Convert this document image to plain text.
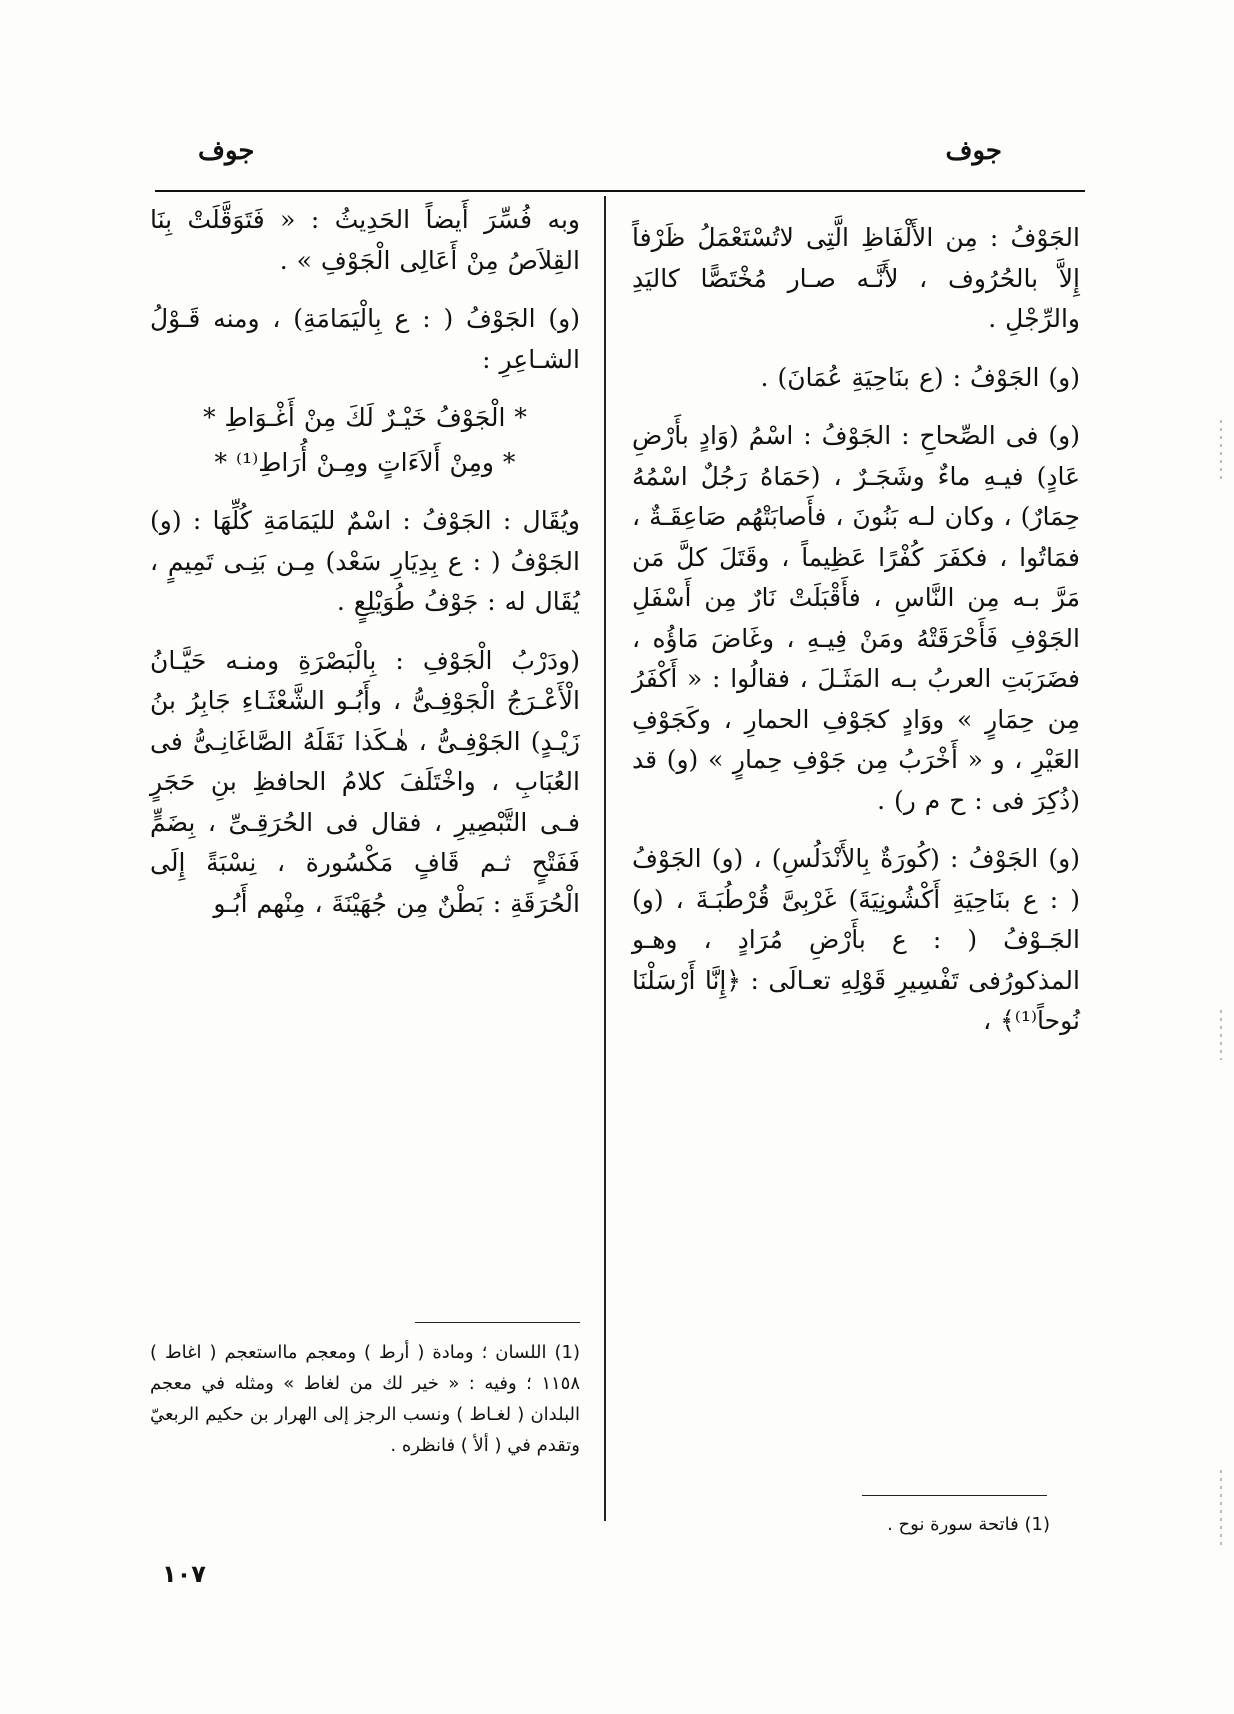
جوف
جوف

الجَوْفُ : مِن الأَلْفَاظِ الَّتِى لاتُسْتَعْمَلُ ظَرْفاً إِلاَّ بالحُرُوف ، لأَنَّـه صـار مُخْتَصًّا كاليَدِ والرِّجْلِ .

(و) الجَوْفُ : (ع بنَاحِيَةِ عُمَانَ) .

(و) فى الصِّحاحِ : الجَوْفُ : اسْمُ (وَادٍ بأَرْضِ عَادٍ) فيـهِ ماءٌ وشَجَـرٌ ، (حَمَاهُ رَجُلٌ اسْمُهُ حِمَارٌ) ، وكان لـه بَنُونَ ، فأَصابَتْهُم صَاعِقَـةٌ ، فمَاتُوا ، فكفَرَ كُفْرًا عَظِيماً ، وقَتَلَ كلَّ مَن مَرَّ بـه مِن النَّاسِ ، فأَقْبَلَتْ نَارٌ مِن أَسْفَلِ الجَوْفِ فَأَحْرَقَتْهُ ومَنْ فِيـهِ ، وغَاضَ مَاؤُه ، فضَرَبَتِ العربُ بـه المَثَـلَ ، فقالُوا : « أَكْفَرُ مِن حِمَارٍ » ووَادٍ كجَوْفِ الحمارِ ، وكَجَوْفِ العَيْرِ ، و « أَخْرَبُ مِن جَوْفِ حِمارٍ » (و) قد (ذُكِرَ فى : ح م ر) .

(و) الجَوْفُ : (كُورَةٌ بِالأَنْدَلُسِ) ، (و) الجَوْفُ ( : ع بنَاحِيَةِ أَكْشُونِيَةَ) غَرْبِىَّ قُرْطُبَـةَ ، (و) الجَـوْفُ ( : ع بأَرْضِ مُرَادٍ ، وهـو المذكورُفى تَفْسِيرِ قَوْلِهِ تعـالَى : ﴿إِنَّا أَرْسَلْنَا نُوحاً⁽¹⁾﴾ ،

وبه فُسِّرَ أَيضاً الحَدِيثُ : « فَتَوَقَّلَتْ بِنَا القِلاَصُ مِنْ أَعَالِى الْجَوْفِ » .

(و) الجَوْفُ ( : ع بِالْيَمَامَةِ) ، ومنه قَـوْلُ الشـاعِرِ :

* الْجَوْفُ خَيْـرٌ لَكَ مِنْ أَغْـوَاطِ *

* ومِنْ أَلاَءَاتٍ ومِـنْ أُرَاطِ⁽¹⁾ *

ويُقَال : الجَوْفُ : اسْمٌ لليَمَامَةِ كُلِّهَا : (و) الجَوْفُ ( : ع بِدِيَارِ سَعْد) مِـن بَنِـى تَمِيمٍ ، يُقَال له : جَوْفُ طُوَيْلِعٍ .

(ودَرْبُ الْجَوْفِ : بِالْبَصْرَةِ ومنـه حَيَّـانُ الْأَعْـرَجُ الْجَوْفِـىُّ ، وأَبُـو الشَّعْثَـاءِ جَابِرُ بنُ زَيْـدٍ) الجَوْفِـىُّ ، هٰـكَذا نَقَلَهُ الصَّاغَانِـىُّ فى العُبَابِ ، واخْتَلَفَ كلامُ الحافظِ بنِ حَجَرٍ فـى التَّبْصِيرِ ، فقال فى الحُرَقِـىِّ ، بِضَمٍّ فَفَتْحٍ ثـم قَافٍ مَكْسُورة ، نِسْبَةً إِلَى الْحُرَقَةِ : بَطْنٌ مِن جُهَيْنَةَ ، مِنْهم أَبُـو

(1) اللسان ؛ ومادة ( أرط ) ومعجم مااستعجم ( اغاط ) ١١٥٨ ؛ وفيه : « خير لك من لغاط » ومثله في معجم البلدان ( لغـاط ) ونسب الرجز إلى الهرار بن حكيم الربعيّ وتقدم في ( ألأ ) فانظره .
(1) فاتحة سورة نوح .
١٠٧
